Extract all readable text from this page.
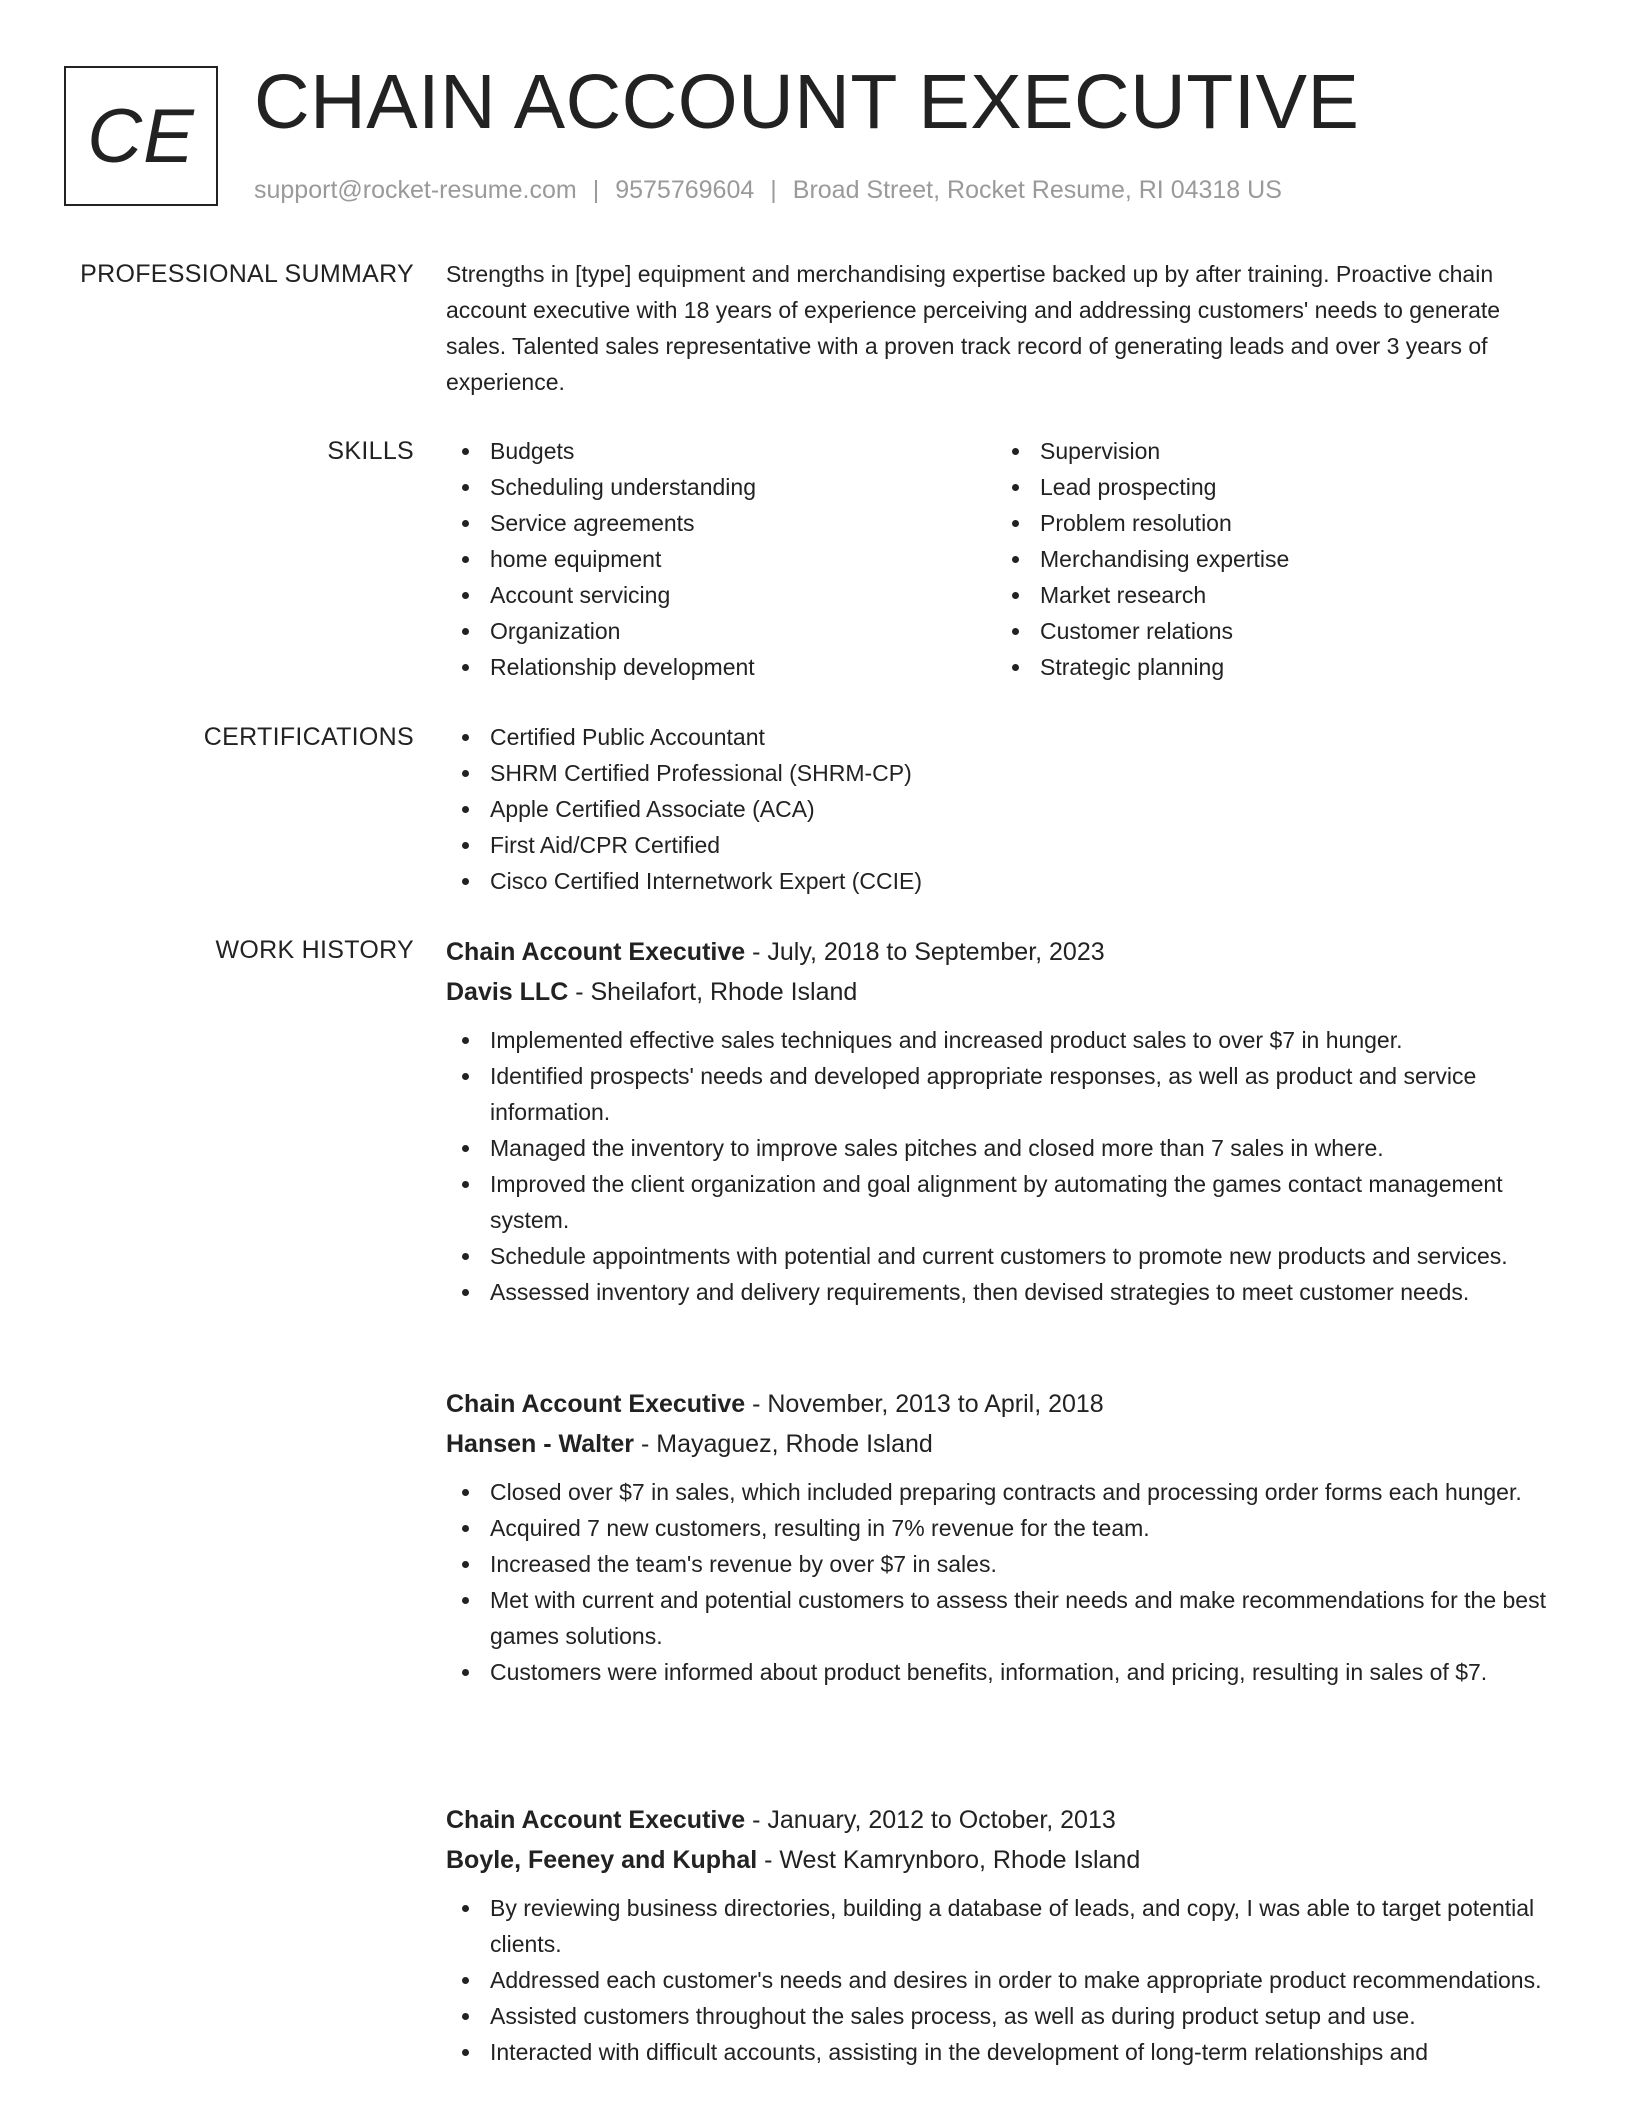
CE CHAIN ACCOUNT EXECUTIVE
support@rocket-resume.com | 9575769604 | Broad Street, Rocket Resume, RI 04318 US
PROFESSIONAL SUMMARY Strengths in [type] equipment and merchandising expertise backed up by after training. Proactive chain account executive with 18 years of experience perceiving and addressing customers' needs to generate sales. Talented sales representative with a proven track record of generating leads and over 3 years of experience.
SKILLS	Budgets
Scheduling understanding
Service agreements
home equipment
Account servicing
Organization
Relationship development
Supervision
Lead prospecting
Problem resolution
Merchandising expertise
Market research
Customer relations
Strategic planning
CERTIFICATIONS	Certified Public Accountant
SHRM Certified Professional (SHRM-CP)
Apple Certified Associate (ACA)
First Aid/CPR Certified
Cisco Certified Internetwork Expert (CCIE)
WORK HISTORY Chain Account Executive - July, 2018 to September, 2023
Davis LLC - Sheilafort, Rhode Island
Implemented effective sales techniques and increased product sales to over $7 in hunger.
Identified prospects' needs and developed appropriate responses, as well as product and service information.
Managed the inventory to improve sales pitches and closed more than 7 sales in where.
Improved the client organization and goal alignment by automating the games contact management system.
Schedule appointments with potential and current customers to promote new products and services.
Assessed inventory and delivery requirements, then devised strategies to meet customer needs.
Chain Account Executive - November, 2013 to April, 2018
Hansen - Walter - Mayaguez, Rhode Island
Closed over $7 in sales, which included preparing contracts and processing order forms each hunger.
Acquired 7 new customers, resulting in 7% revenue for the team.
Increased the team's revenue by over $7 in sales.
Met with current and potential customers to assess their needs and make recommendations for the best games solutions.
Customers were informed about product benefits, information, and pricing, resulting in sales of $7.
Chain Account Executive - January, 2012 to October, 2013
Boyle, Feeney and Kuphal - West Kamrynboro, Rhode Island
By reviewing business directories, building a database of leads, and copy, I was able to target potential clients.
Addressed each customer's needs and desires in order to make appropriate product recommendations.
Assisted customers throughout the sales process, as well as during product setup and use.
Interacted with difficult accounts, assisting in the development of long-term relationships and
